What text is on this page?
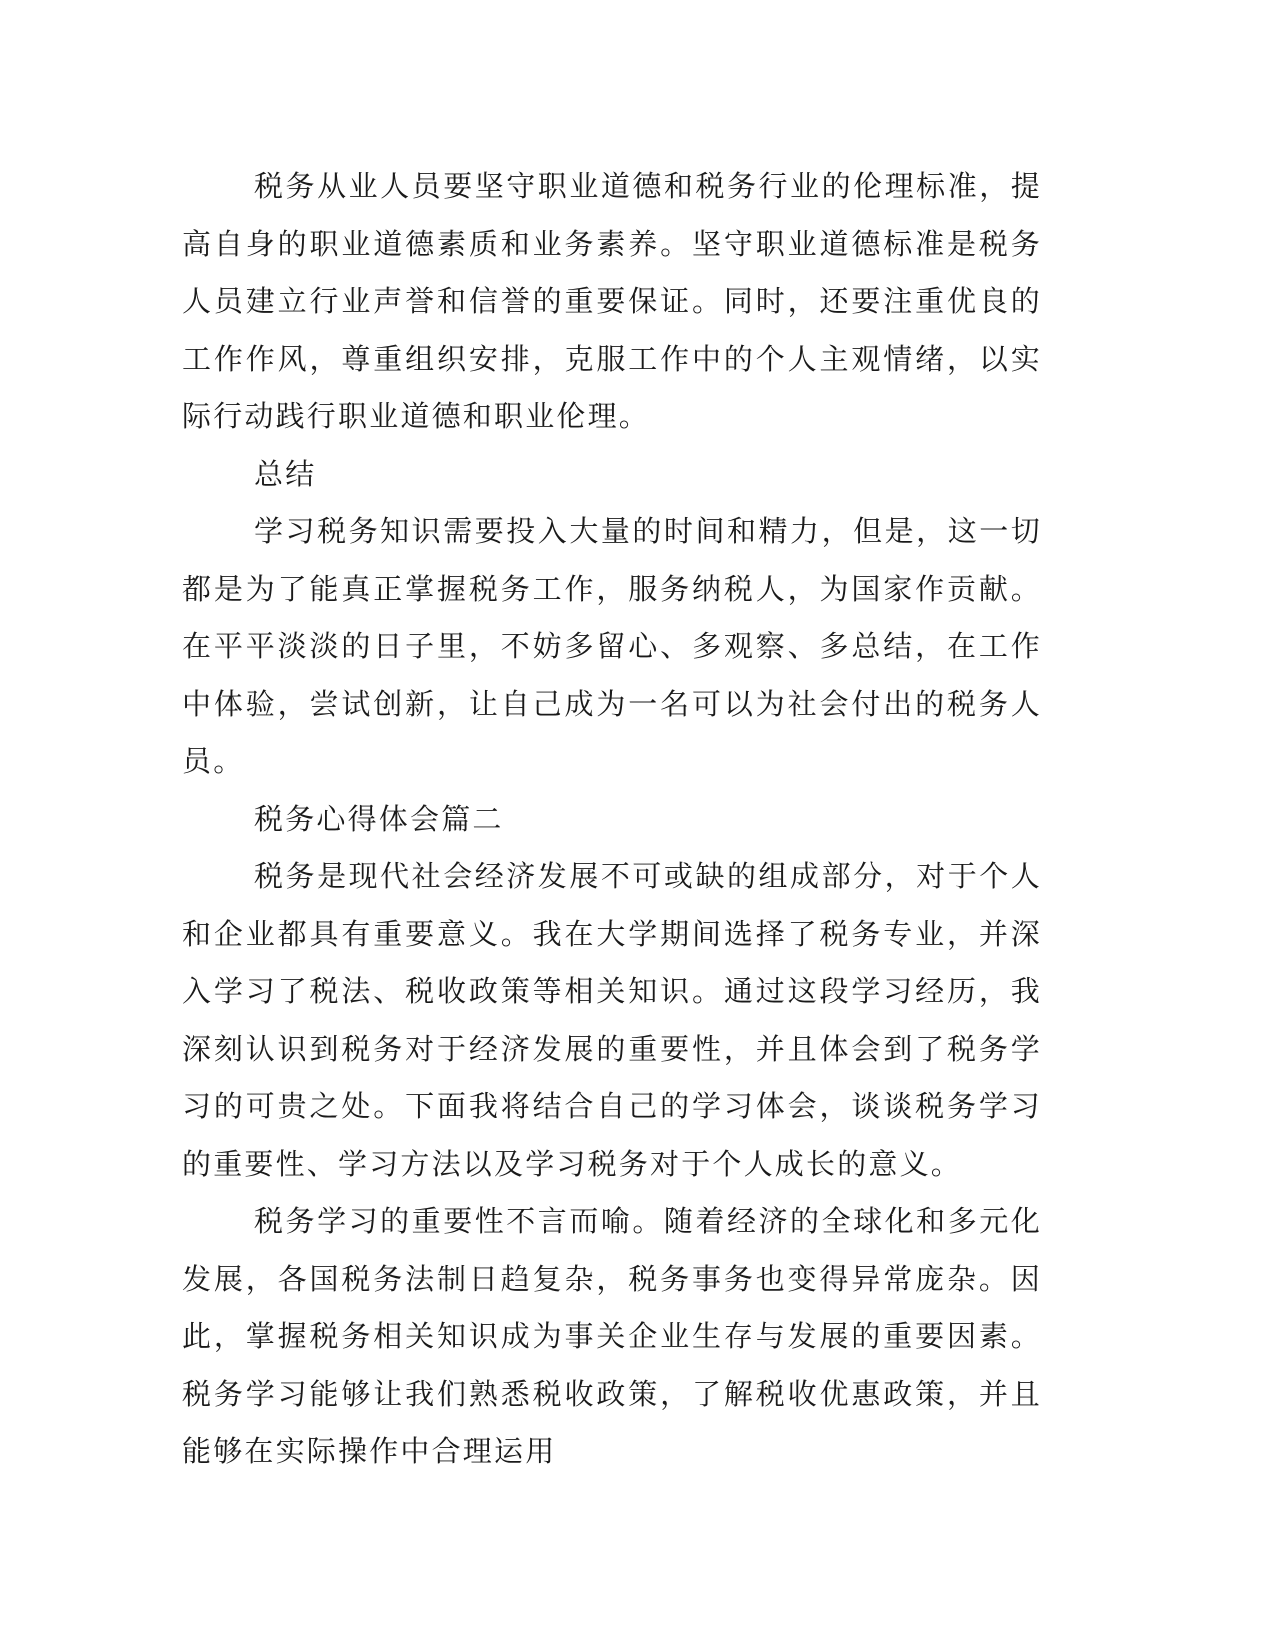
税务从业人员要坚守职业道德和税务行业的伦理标准，提高自身的职业道德素质和业务素养。坚守职业道德标准是税务人员建立行业声誉和信誉的重要保证。同时，还要注重优良的工作作风，尊重组织安排，克服工作中的个人主观情绪，以实际行动践行职业道德和职业伦理。

总结

学习税务知识需要投入大量的时间和精力，但是，这一切都是为了能真正掌握税务工作，服务纳税人，为国家作贡献。在平平淡淡的日子里，不妨多留心、多观察、多总结，在工作中体验，尝试创新，让自己成为一名可以为社会付出的税务人员。

税务心得体会篇二

税务是现代社会经济发展不可或缺的组成部分，对于个人和企业都具有重要意义。我在大学期间选择了税务专业，并深入学习了税法、税收政策等相关知识。通过这段学习经历，我深刻认识到税务对于经济发展的重要性，并且体会到了税务学习的可贵之处。下面我将结合自己的学习体会，谈谈税务学习的重要性、学习方法以及学习税务对于个人成长的意义。

税务学习的重要性不言而喻。随着经济的全球化和多元化发展，各国税务法制日趋复杂，税务事务也变得异常庞杂。因此，掌握税务相关知识成为事关企业生存与发展的重要因素。税务学习能够让我们熟悉税收政策，了解税收优惠政策，并且能够在实际操作中合理运用
